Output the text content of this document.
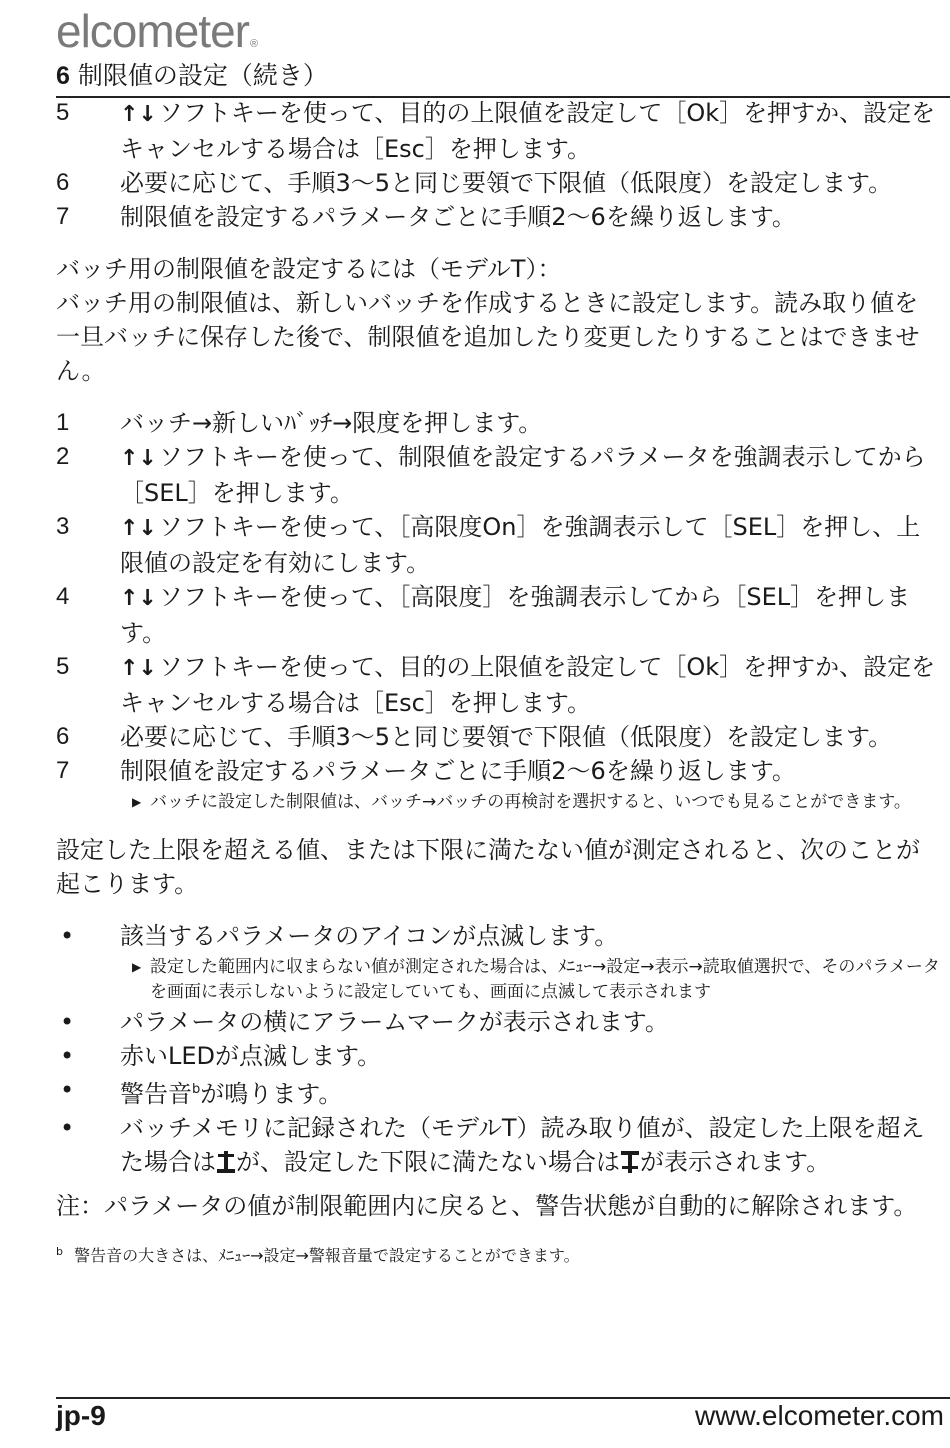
elcometer®
6 制限値の設定（続き）
5	↑↓ソフトキーを使って、目的の上限値を設定して［Ok］を押すか、設定をキャンセルする場合は［Esc］を押します。
6	必要に応じて、手順3～5と同じ要領で下限値（低限度）を設定します。
7	制限値を設定するパラメータごとに手順2～6を繰り返します。
バッチ用の制限値を設定するには（モデルT）：
バッチ用の制限値は、新しいバッチを作成するときに設定します。読み取り値を一旦バッチに保存した後で、制限値を追加したり変更したりすることはできません。
1	バッチ→新しいﾊﾞｯﾁ→限度を押します。
2	↑↓ソフトキーを使って、制限値を設定するパラメータを強調表示してから［SEL］を押します。
3	↑↓ソフトキーを使って、［高限度On］を強調表示して［SEL］を押し、上限値の設定を有効にします。
4	↑↓ソフトキーを使って、［高限度］を強調表示してから［SEL］を押します。
5	↑↓ソフトキーを使って、目的の上限値を設定して［Ok］を押すか、設定をキャンセルする場合は［Esc］を押します。
6	必要に応じて、手順3～5と同じ要領で下限値（低限度）を設定します。
7	制限値を設定するパラメータごとに手順2～6を繰り返します。
▶ バッチに設定した制限値は、バッチ→バッチの再検討を選択すると、いつでも見ることができます。
設定した上限を超える値、または下限に満たない値が測定されると、次のことが起こります。
•	該当するパラメータのアイコンが点滅します。
▶ 設定した範囲内に収まらない値が測定された場合は、ﾒﾆｭｰ→設定→表示→読取値選択で、そのパラメータを画面に表示しないように設定していても、画面に点滅して表示されます
•	パラメータの横にアラームマークが表示されます。
•	赤いLEDが点滅します。
•	警告音$^b$が鳴ります。
•	バッチメモリに記録された（モデルT）読み取り値が、設定した上限を超えた場合は が、設定した下限に満たない場合は が表示されます。
注：パラメータの値が制限範囲内に戻ると、警告状態が自動的に解除されます。
$^b$ 警告音の大きさは、ﾒﾆｭｰ→設定→警報音量で設定することができます。
jp-9	www.elcometer.com
